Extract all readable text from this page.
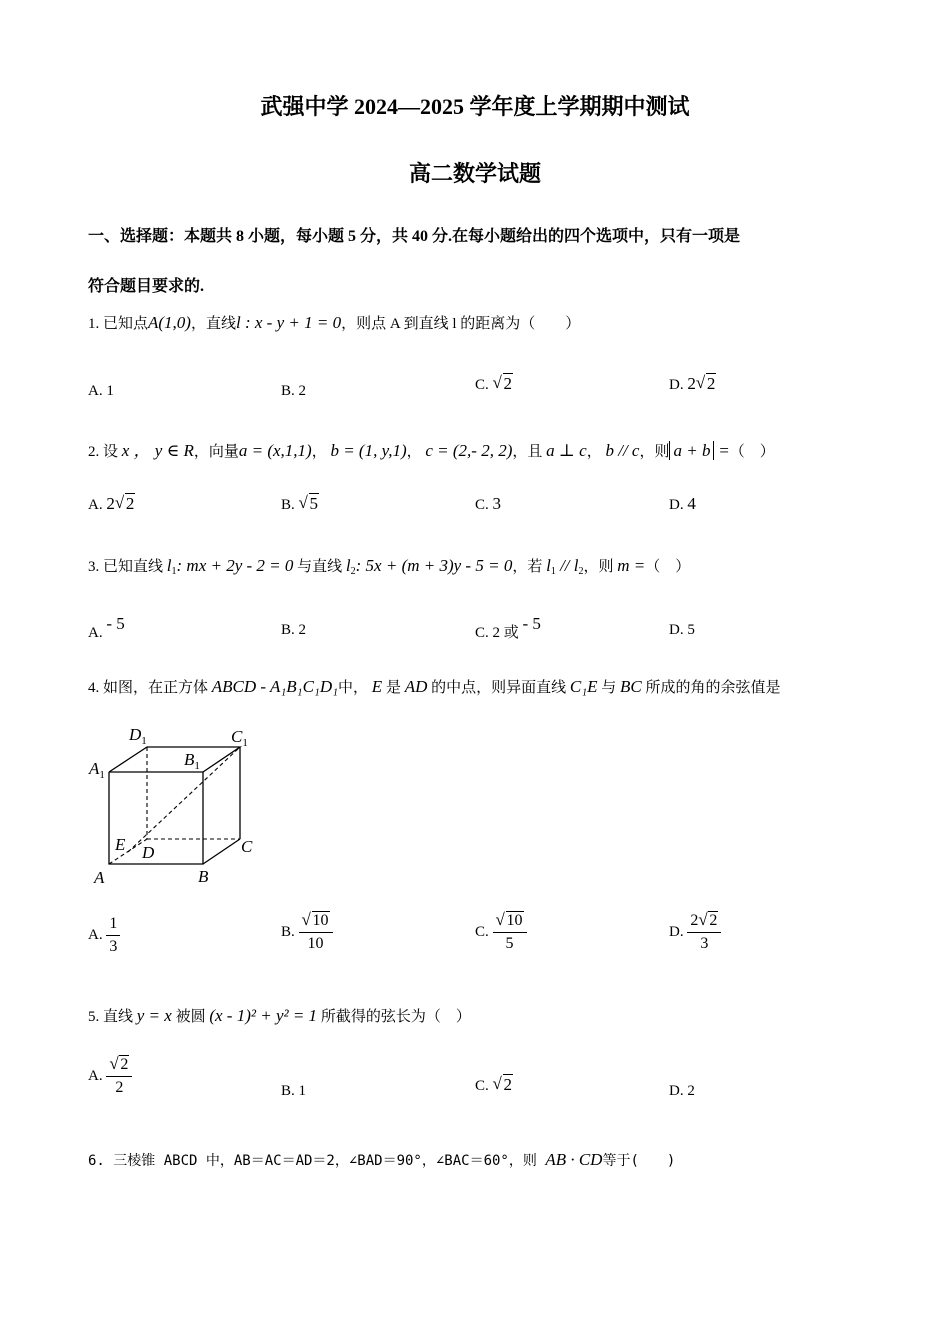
武强中学 2024—2025 学年度上学期期中测试
高二数学试题
一、选择题：本题共 8 小题，每小题 5 分，共 40 分.在每小题给出的四个选项中，只有一项是
符合题目要求的.
1. 已知点A(1,0)，直线l : x - y + 1 = 0，则点 A 到直线 l 的距离为（　　）
A. 1	B. 2	C. √ 2	D. 2 √ 2
2. 设 x ， y ∈ R，向量a = (x,1,1)， b = (1, y,1)， c = (2,- 2, 2)，且 a ⊥ c， b // c，则 a + b =（　）
A. 2 √ 2	B. √ 5	C. 3	D. 4
3. 已知直线 $l_1$: mx + 2y - 2 = 0 与直线 $l_2$: 5x + (m + 3)y - 5 = 0，若 $l_1 // l_2$，则 m =（　）
A. - 5	B. 2	C. 2 或 - 5	D. 5
4. 如图，在正方体 ABCD - A₁B₁C₁D₁中， E 是 AD 的中点，则异面直线 C₁E 与 BC 所成的角的余弦值是
$D_1$	$C_1$
$A_1$
$B_1$
E D	C
A	B
A. $\frac{1}{3}$	B. √ $\frac{10}{10}$	C. √ $\frac{10}{5}$	D. $\frac{2 √ 2}{3}$
5. 直线 y = x 被圆 (x - 1)² + y² = 1 所截得的弦长为（　）
A. √ $\frac{2}{2}$	B. 1	C. √ 2	D. 2
6. 三棱锥 ABCD 中，AB＝AC＝AD＝2，∠BAD＝90°，∠BAC＝60°，则 AB · CD等于(　　)
